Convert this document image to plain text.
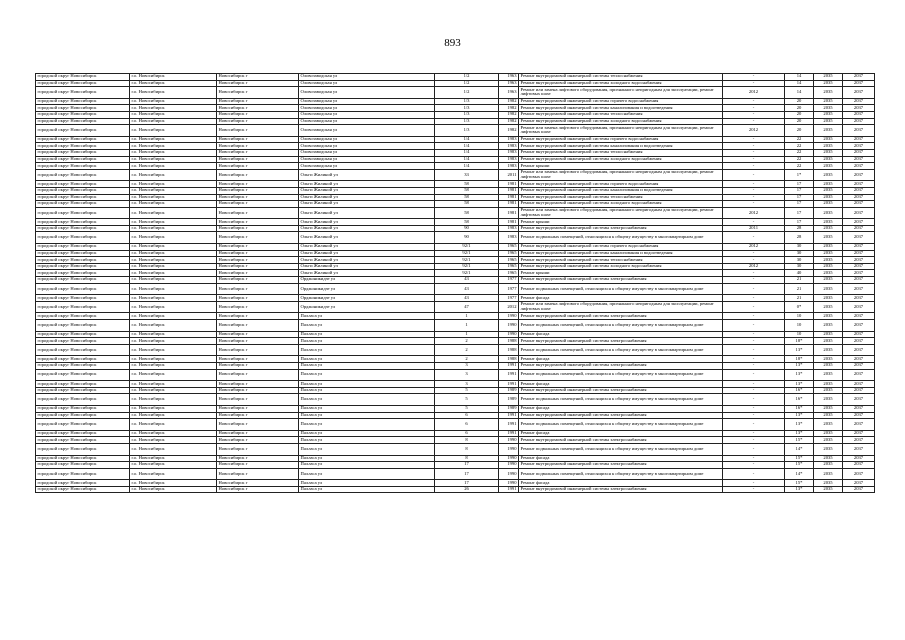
893
городской округ Новосибирск	г.о. Новосибирск	Новосибирск г	Оловозаводская ул	1/2	1963	Ремонт внутридомовой инженерной системы теплоснабжения	-	14	2035	2037
городской округ Новосибирск	г.о. Новосибирск	Новосибирск г	Оловозаводская ул	1/2	1963	Ремонт внутридомовой инженерной системы холодного водоснабжения	-	14	2035	2037
городской округ Новосибирск	г.о. Новосибирск	Новосибирск г	Оловозаводская ул	1/2	1963	Ремонт или замена лифтового оборудования, признанного непригодным для эксплуатации, ремонт лифтовых шахт	2012	14	2035	2037
городской округ Новосибирск	г.о. Новосибирск	Новосибирск г	Оловозаводская ул	1/3	1982	Ремонт внутридомовой инженерной системы горячего водоснабжения	-	20	2035	2037
городской округ Новосибирск	г.о. Новосибирск	Новосибирск г	Оловозаводская ул	1/3	1982	Ремонт внутридомовой инженерной системы канализования и водоотведения	-	20	2035	2037
городской округ Новосибирск	г.о. Новосибирск	Новосибирск г	Оловозаводская ул	1/3	1982	Ремонт внутридомовой инженерной системы теплоснабжения	-	20	2035	2037
городской округ Новосибирск	г.о. Новосибирск	Новосибирск г	Оловозаводская ул	1/3	1982	Ремонт внутридомовой инженерной системы холодного водоснабжения	-	20	2035	2037
городской округ Новосибирск	г.о. Новосибирск	Новосибирск г	Оловозаводская ул	1/3	1982	Ремонт или замена лифтового оборудования, признанного непригодным для эксплуатации, ремонт лифтовых шахт	2012	20	2035	2037
городской округ Новосибирск	г.о. Новосибирск	Новосибирск г	Оловозаводская ул	1/4	1983	Ремонт внутридомовой инженерной системы горячего водоснабжения	-	22	2035	2037
городской округ Новосибирск	г.о. Новосибирск	Новосибирск г	Оловозаводская ул	1/4	1983	Ремонт внутридомовой инженерной системы канализования и водоотведения	-	22	2035	2037
городской округ Новосибирск	г.о. Новосибирск	Новосибирск г	Оловозаводская ул	1/4	1983	Ремонт внутридомовой инженерной системы теплоснабжения	-	22	2035	2037
городской округ Новосибирск	г.о. Новосибирск	Новосибирск г	Оловозаводская ул	1/4	1983	Ремонт внутридомовой инженерной системы холодного водоснабжения	-	22	2035	2037
городской округ Новосибирск	г.о. Новосибирск	Новосибирск г	Оловозаводская ул	1/4	1983	Ремонт крыши	-	22	2035	2037
городской округ Новосибирск	г.о. Новосибирск	Новосибирск г	Ольги Жилиной ул	33	2011	Ремонт или замена лифтового оборудования, признанного непригодным для эксплуатации, ремонт лифтовых шахт	-	1*	2035	2037
городской округ Новосибирск	г.о. Новосибирск	Новосибирск г	Ольги Жилиной ул	58	1981	Ремонт внутридомовой инженерной системы горячего водоснабжения	-	17	2035	2037
городской округ Новосибирск	г.о. Новосибирск	Новосибирск г	Ольги Жилиной ул	58	1981	Ремонт внутридомовой инженерной системы канализования и водоотведения	-	17	2035	2037
городской округ Новосибирск	г.о. Новосибирск	Новосибирск г	Ольги Жилиной ул	58	1981	Ремонт внутридомовой инженерной системы теплоснабжения	-	17	2035	2037
городской округ Новосибирск	г.о. Новосибирск	Новосибирск г	Ольги Жилиной ул	58	1981	Ремонт внутридомовой инженерной системы холодного водоснабжения	-	17	2035	2037
городской округ Новосибирск	г.о. Новосибирск	Новосибирск г	Ольги Жилиной ул	58	1981	Ремонт или замена лифтового оборудования, признанного непригодным для эксплуатации, ремонт лифтовых шахт	2012	17	2035	2037
городской округ Новосибирск	г.о. Новосибирск	Новосибирск г	Ольги Жилиной ул	58	1981	Ремонт крыши	-	17	2035	2037
городской округ Новосибирск	г.о. Новосибирск	Новосибирск г	Ольги Жилиной ул	90	1983	Ремонт внутридомовой инженерной системы электроснабжения	2011	28	2035	2037
городской округ Новосибирск	г.о. Новосибирск	Новосибирск г	Ольги Жилиной ул	90	1983	Ремонт подвальных помещений, относящихся к общему имуществу в многоквартирном доме	-	28	2035	2037
городской округ Новосибирск	г.о. Новосибирск	Новосибирск г	Ольги Жилиной ул	92/1	1965	Ремонт внутридомовой инженерной системы горячего водоснабжения	2012	30	2035	2037
городской округ Новосибирск	г.о. Новосибирск	Новосибирск г	Ольги Жилиной ул	92/1	1965	Ремонт внутридомовой инженерной системы канализования и водоотведения	-	30	2035	2037
городской округ Новосибирск	г.о. Новосибирск	Новосибирск г	Ольги Жилиной ул	92/1	1965	Ремонт внутридомовой инженерной системы теплоснабжения	-	30	2035	2037
городской округ Новосибирск	г.о. Новосибирск	Новосибирск г	Ольги Жилиной ул	92/1	1965	Ремонт внутридомовой инженерной системы холодного водоснабжения	2012	30	2035	2037
городской округ Новосибирск	г.о. Новосибирск	Новосибирск г	Ольги Жилиной ул	92/1	1965	Ремонт крыши	-	40	2035	2037
городской округ Новосибирск	г.о. Новосибирск	Новосибирск г	Орджоникидзе ул	43	1977	Ремонт внутридомовой инженерной системы электроснабжения	-	21	2035	2037
городской округ Новосибирск	г.о. Новосибирск	Новосибирск г	Орджоникидзе ул	43	1977	Ремонт подвальных помещений, относящихся к общему имуществу в многоквартирном доме	-	21	2035	2037
городской округ Новосибирск	г.о. Новосибирск	Новосибирск г	Орджоникидзе ул	43	1977	Ремонт фасада	-	21	2035	2037
городской округ Новосибирск	г.о. Новосибирск	Новосибирск г	Орджоникидзе ул	47	2012	Ремонт или замена лифтового оборудования, признанного непригодным для эксплуатации, ремонт лифтовых шахт	-	0*	2035	2037
городской округ Новосибирск	г.о. Новосибирск	Новосибирск г	Палласа ул	1	1990	Ремонт внутридомовой инженерной системы электроснабжения	-	10	2035	2037
городской округ Новосибирск	г.о. Новосибирск	Новосибирск г	Палласа ул	1	1990	Ремонт подвальных помещений, относящихся к общему имуществу в многоквартирном доме	-	10	2035	2037
городской округ Новосибирск	г.о. Новосибирск	Новосибирск г	Палласа ул	1	1990	Ремонт фасада	-	10	2035	2037
городской округ Новосибирск	г.о. Новосибирск	Новосибирск г	Палласа ул	2	1988	Ремонт внутридомовой инженерной системы электроснабжения	-	18*	2035	2037
городской округ Новосибирск	г.о. Новосибирск	Новосибирск г	Палласа ул	2	1988	Ремонт подвальных помещений, относящихся к общему имуществу в многоквартирном доме	-	13*	2035	2037
городской округ Новосибирск	г.о. Новосибирск	Новосибирск г	Палласа ул	2	1988	Ремонт фасада	-	18*	2035	2037
городской округ Новосибирск	г.о. Новосибирск	Новосибирск г	Палласа ул	3	1991	Ремонт внутридомовой инженерной системы электроснабжения	-	13*	2035	2037
городской округ Новосибирск	г.о. Новосибирск	Новосибирск г	Палласа ул	3	1991	Ремонт подвальных помещений, относящихся к общему имуществу в многоквартирном доме	-	13*	2035	2037
городской округ Новосибирск	г.о. Новосибирск	Новосибирск г	Палласа ул	3	1991	Ремонт фасада	-	13*	2035	2037
городской округ Новосибирск	г.о. Новосибирск	Новосибирск г	Палласа ул	5	1989	Ремонт внутридомовой инженерной системы электроснабжения	-	16*	2035	2037
городской округ Новосибирск	г.о. Новосибирск	Новосибирск г	Палласа ул	5	1989	Ремонт подвальных помещений, относящихся к общему имуществу в многоквартирном доме	-	16*	2035	2037
городской округ Новосибирск	г.о. Новосибирск	Новосибирск г	Палласа ул	5	1989	Ремонт фасада	-	16*	2035	2037
городской округ Новосибирск	г.о. Новосибирск	Новосибирск г	Палласа ул	6	1991	Ремонт внутридомовой инженерной системы электроснабжения	-	13*	2035	2037
городской округ Новосибирск	г.о. Новосибирск	Новосибирск г	Палласа ул	6	1991	Ремонт подвальных помещений, относящихся к общему имуществу в многоквартирном доме	-	13*	2035	2037
городской округ Новосибирск	г.о. Новосибирск	Новосибирск г	Палласа ул	6	1991	Ремонт фасада	-	13*	2035	2037
городской округ Новосибирск	г.о. Новосибирск	Новосибирск г	Палласа ул	8	1990	Ремонт внутридомовой инженерной системы электроснабжения	-	15*	2035	2037
городской округ Новосибирск	г.о. Новосибирск	Новосибирск г	Палласа ул	8	1990	Ремонт подвальных помещений, относящихся к общему имуществу в многоквартирном доме	-	14*	2035	2037
городской округ Новосибирск	г.о. Новосибирск	Новосибирск г	Палласа ул	8	1990	Ремонт фасада	-	15*	2035	2037
городской округ Новосибирск	г.о. Новосибирск	Новосибирск г	Палласа ул	17	1990	Ремонт внутридомовой инженерной системы электроснабжения	-	15*	2035	2037
городской округ Новосибирск	г.о. Новосибирск	Новосибирск г	Палласа ул	17	1990	Ремонт подвальных помещений, относящихся к общему имуществу в многоквартирном доме	-	14*	2035	2037
городской округ Новосибирск	г.о. Новосибирск	Новосибирск г	Палласа ул	17	1990	Ремонт фасада	-	15*	2035	2037
городской округ Новосибирск	г.о. Новосибирск	Новосибирск г	Палласа ул	26	1991	Ремонт внутридомовой инженерной системы электроснабжения	-	13*	2035	2037
